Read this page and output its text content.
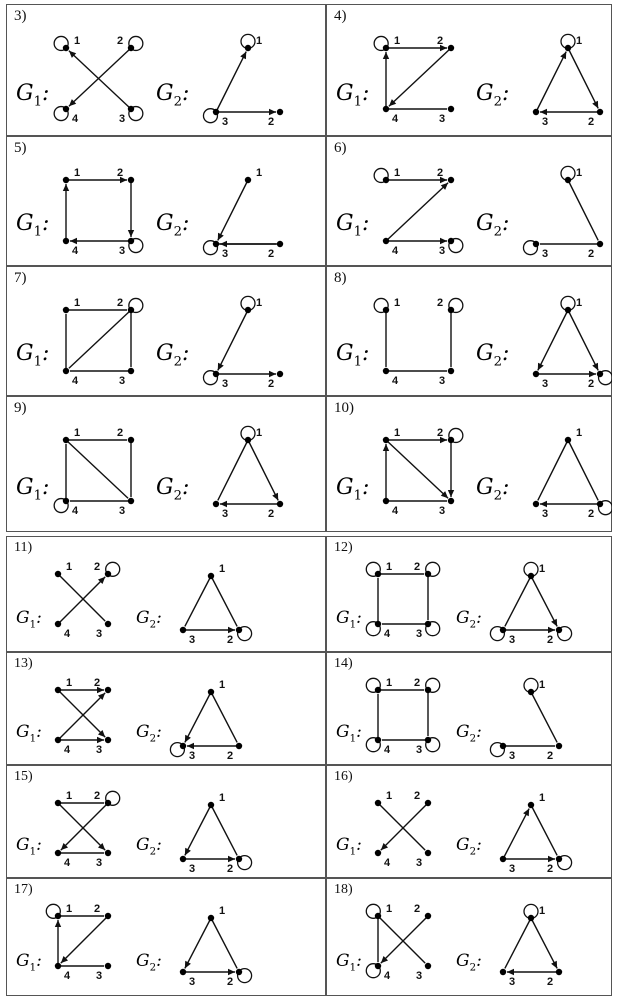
1	2
3
4
1
2
3
3)
$G_1$:	$G_2$:
1	2
3
4
1
2
3
4)
$G_1$:	$G_2$:
1	2
3
4
1
2
3
5)
$G_1$:	$G_2$:
1	2
3
4
1
2
3
6)
$G_1$:	$G_2$:
1	2
3
4
1
2
3
7)
$G_1$:	$G_2$:
1	2
3
4
1
2
3
8)
$G_1$:	$G_2$:
1	2
3
4
1
2
3
9)
$G_1$:	$G_2$:
1	2
3
4
1
2
3
10)
$G_1$:	$G_2$:
1 2
3
4
1
2
3
11)
$G_1$:	$G_2$:
1 2
3
4
1
2
3
12)
$G_1$:	$G_2$:
1 2
3
4
1
2
3
13)
$G_1$:	$G_2$:
1 2
3
4
1
2
3
14)
$G_1$:	$G_2$:
1 2
3
4
1
2
3
15)
$G_1$:	$G_2$:
1 2
3
4
1
2
3
16)
$G_1$:	$G_2$:
1 2
3
4
1
2
3
17)
$G_1$:	$G_2$:
1 2
3
4
1
2
3
18)
$G_1$:	$G_2$:
